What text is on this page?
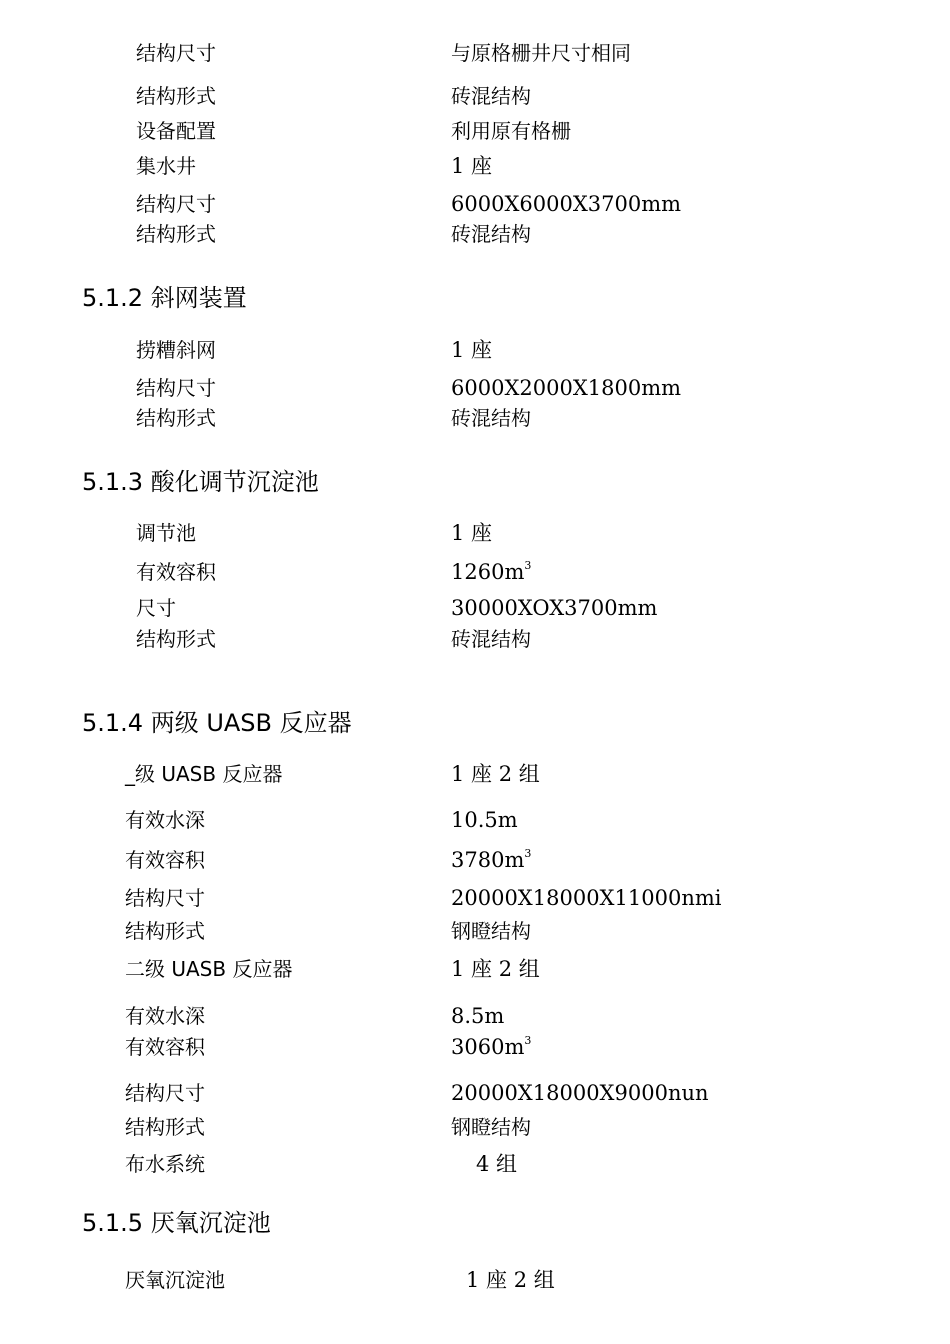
结构尺寸	与原格栅井尺寸相同
结构形式	砖混结构
设备配置	利用原有格栅
集水井	1 座
结构尺寸	6000X6000X3700mm
结构形式	砖混结构
5.1.2 斜网装置
捞糟斜网	1 座
结构尺寸	6000X2000X1800mm
结构形式	砖混结构
5.1.3 酸化调节沉淀池
调节池	1 座
有效容积	$1260m^3$
尺寸	30000XOX3700mm
结构形式	砖混结构
5.1.4 两级 UASB 反应器
_级 UASB 反应器	1 座 2 组
有效水深	10.5m
有效容积	$3780m^3$
结构尺寸	20000X18000X11000nmi
结构形式	钢瞪结构
二级 UASB 反应器	1 座 2 组
有效水深	8.5m
有效容积	$3060m^3$
结构尺寸	20000X18000X9000nun
结构形式	钢瞪结构
布水系统	4 组
5.1.5 厌氧沉淀池
厌氧沉淀池	1 座 2 组
